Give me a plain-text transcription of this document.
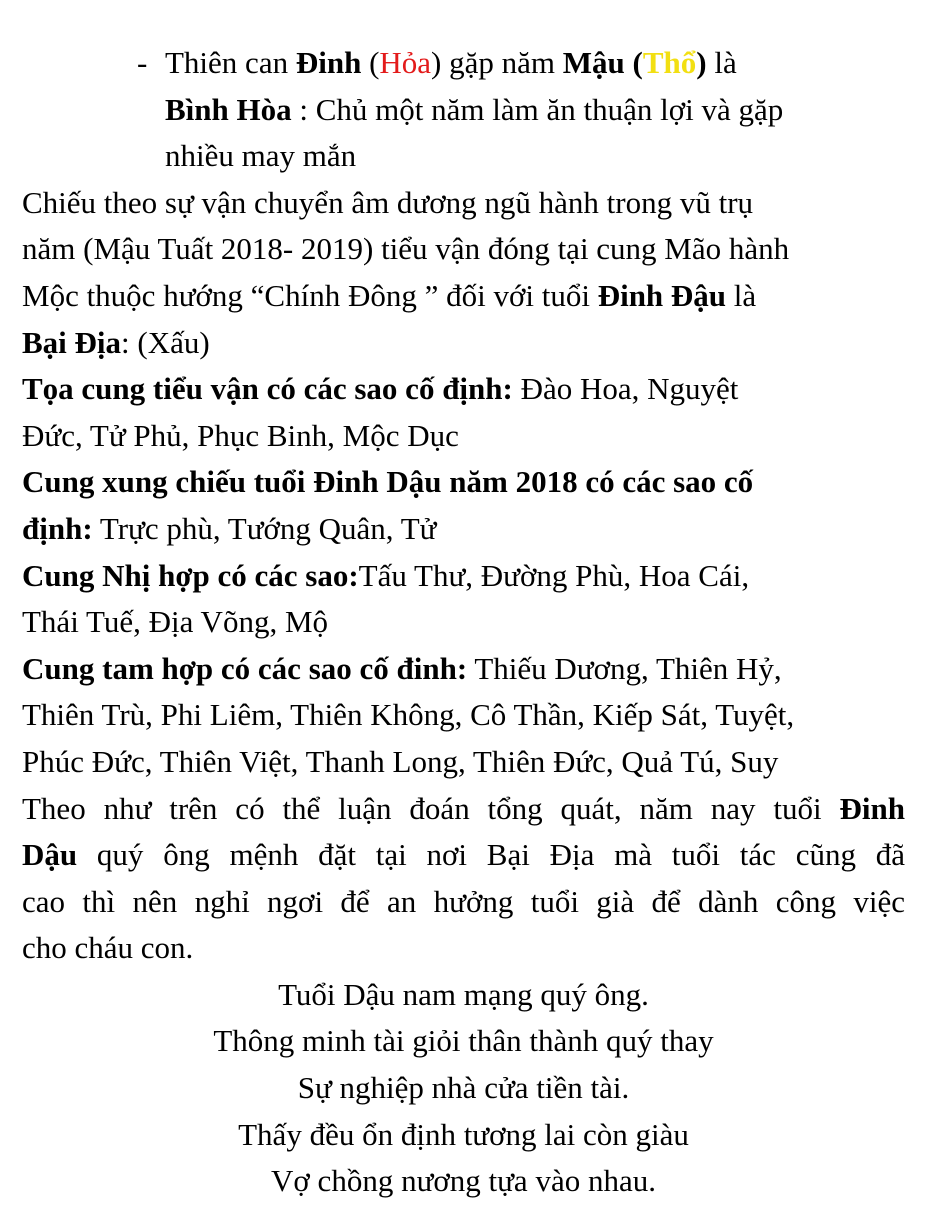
- Thiên can Đinh (Hỏa) gặp năm Mậu (Thổ) là
Bình Hòa : Chủ một năm làm ăn thuận lợi và gặp
nhiều may mắn
Chiếu theo sự vận chuyển âm dương ngũ hành trong vũ trụ
năm (Mậu Tuất 2018- 2019) tiểu vận đóng tại cung Mão hành
Mộc thuộc hướng “Chính Đông ” đối với tuổi Đinh Đậu là
Bại Địa: (Xấu)
Tọa cung tiểu vận có các sao cố định: Đào Hoa, Nguyệt
Đức, Tử Phủ, Phục Binh, Mộc Dục
Cung xung chiếu tuổi Đinh Dậu năm 2018 có các sao cố
định: Trực phù, Tướng Quân, Tử
Cung Nhị hợp có các sao:Tấu Thư, Đường Phù, Hoa Cái,
Thái Tuế, Địa Võng, Mộ
Cung tam hợp có các sao cố đinh: Thiếu Dương, Thiên Hỷ,
Thiên Trù, Phi Liêm, Thiên Không, Cô Thần, Kiếp Sát, Tuyệt,
Phúc Đức, Thiên Việt, Thanh Long, Thiên Đức, Quả Tú, Suy
Theo như trên có thể luận đoán tổng quát, năm nay tuổi Đinh
Dậu quý ông mệnh đặt tại nơi Bại Địa mà tuổi tác cũng đã
cao thì nên nghỉ ngơi để an hưởng tuổi già để dành công việc
cho cháu con.
Tuổi Dậu nam mạng quý ông.
Thông minh tài giỏi thân thành quý thay
Sự nghiệp nhà cửa tiền tài.
Thấy đều ổn định tương lai còn giàu
Vợ chồng nương tựa vào nhau.
